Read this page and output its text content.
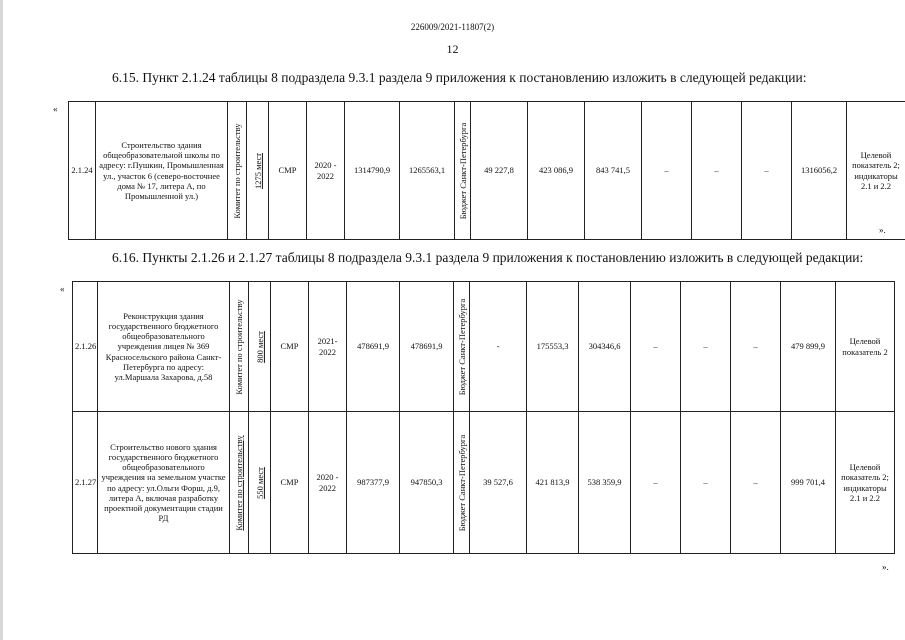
226009/2021-11807(2)
12
6.15. Пункт 2.1.24 таблицы 8 подраздела 9.3.1 раздела 9 приложения к постановлению изложить в следующей редакции:
«
2.1.24	Строительство здания общеобразовательной школы по адресу: г.Пушкин, Промышленная ул., участок 6 (северо-восточнее дома № 17, литера А, по Промышленной ул.)	Комитет по строительству	1275 мест	СМР	2020 - 2022	1314790,9	1265563,1	Бюджет Санкт-Петербурга	49 227,8	423 086,9	843 741,5	–	–	–	1316056,2	Целевой показатель 2; индикаторы 2.1 и 2.2
».
6.16. Пункты 2.1.26 и 2.1.27 таблицы 8 подраздела 9.3.1 раздела 9 приложения к постановлению изложить в следующей редакции:
«
2.1.26	Реконструкция здания государственного бюджетного общеобразовательного учреждения лицея № 369 Красносельского района Санкт-Петербурга по адресу: ул.Маршала Захарова, д.58	Комитет по строительству	800 мест	СМР	2021-2022	478691,9	478691,9	Бюджет Санкт-Петербурга	-	175553,3	304346,6	–	–	–	479 899,9	Целевой показатель 2
2.1.27	Строительство нового здания государственного бюджетного общеобразовательного учреждения на земельном участке по адресу: ул.Ольги Форш, д.9, литера А, включая разработку проектной документации стадии РД	Комитет по строительству	550 мест	СМР	2020 - 2022	987377,9	947850,3	Бюджет Санкт-Петербурга	39 527,6	421 813,9	538 359,9	–	–	–	999 701,4	Целевой показатель 2; индикаторы 2.1 и 2.2
».
